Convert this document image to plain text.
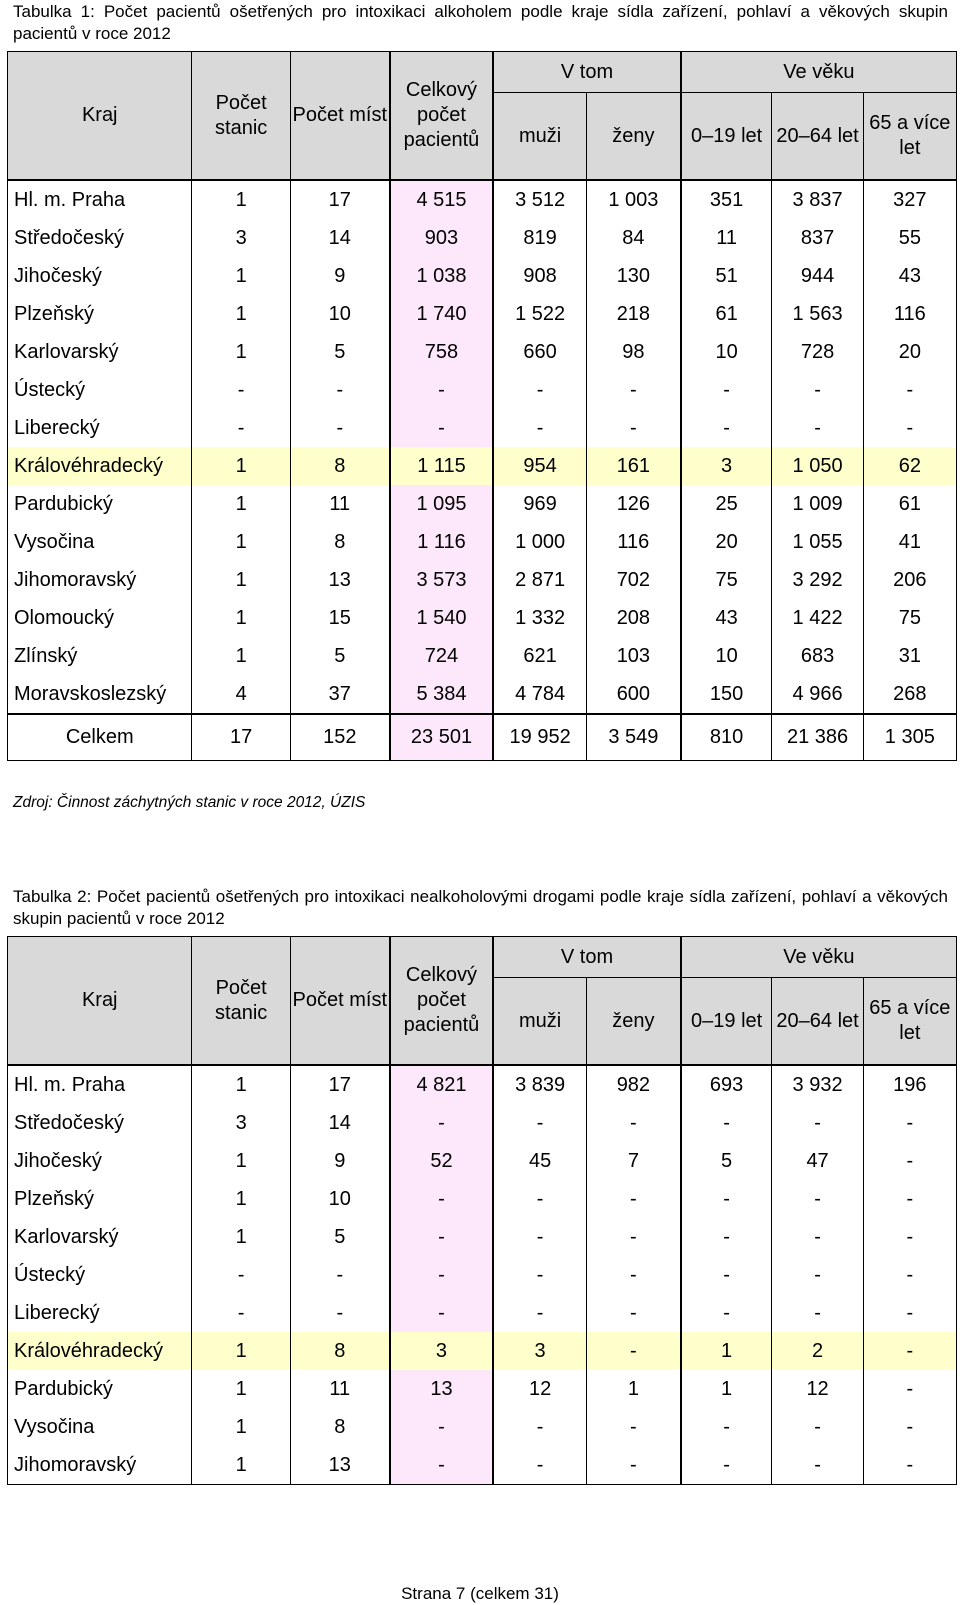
Tabulka 1: Počet pacientů ošetřených pro intoxikaci alkoholem podle kraje sídla zařízení, pohlaví a věkových skupin pacientů v roce 2012
Kraj	Počet stanic	Počet míst	Celkový počet pacientů	V tom		Ve věku		
				muži	ženy	0–19 let	20–64 let	65 a více let
Hl. m. Praha	1	17	4 515	3 512	1 003	351	3 837	327
Středočeský	3	14	903	819	84	11	837	55
Jihočeský	1	9	1 038	908	130	51	944	43
Plzeňský	1	10	1 740	1 522	218	61	1 563	116
Karlovarský	1	5	758	660	98	10	728	20
Ústecký	-	-	-	-	-	-	-	-
Liberecký	-	-	-	-	-	-	-	-
Královéhradecký	1	8	1 115	954	161	3	1 050	62
Pardubický	1	11	1 095	969	126	25	1 009	61
Vysočina	1	8	1 116	1 000	116	20	1 055	41
Jihomoravský	1	13	3 573	2 871	702	75	3 292	206
Olomoucký	1	15	1 540	1 332	208	43	1 422	75
Zlínský	1	5	724	621	103	10	683	31
Moravskoslezský	4	37	5 384	4 784	600	150	4 966	268
Celkem	17	152	23 501	19 952	3 549	810	21 386	1 305
Zdroj: Činnost záchytných stanic v roce 2012, ÚZIS
Tabulka 2: Počet pacientů ošetřených pro intoxikaci nealkoholovými drogami podle kraje sídla zařízení, pohlaví a věkových skupin pacientů v roce 2012
Kraj	Počet stanic	Počet míst	Celkový počet pacientů	V tom		Ve věku		
				muži	ženy	0–19 let	20–64 let	65 a více let
Hl. m. Praha	1	17	4 821	3 839	982	693	3 932	196
Středočeský	3	14	-	-	-	-	-	-
Jihočeský	1	9	52	45	7	5	47	-
Plzeňský	1	10	-	-	-	-	-	-
Karlovarský	1	5	-	-	-	-	-	-
Ústecký	-	-	-	-	-	-	-	-
Liberecký	-	-	-	-	-	-	-	-
Královéhradecký	1	8	3	3	-	1	2	-
Pardubický	1	11	13	12	1	1	12	-
Vysočina	1	8	-	-	-	-	-	-
Jihomoravský	1	13	-	-	-	-	-	-
Strana 7 (celkem 31)
